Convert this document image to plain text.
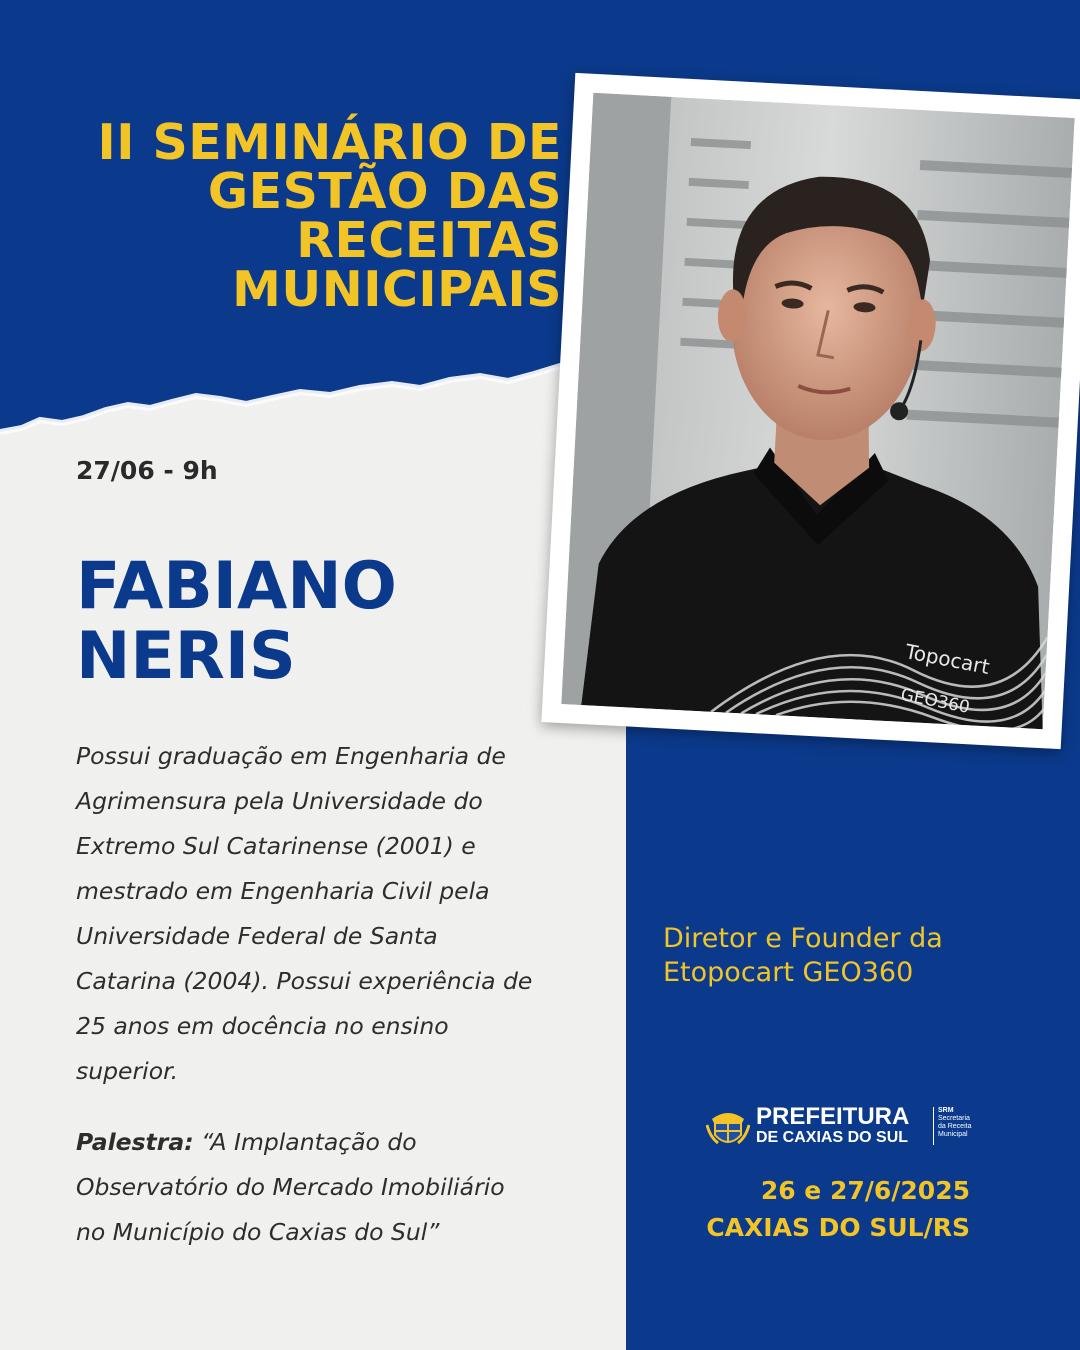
II SEMINÁRIO DE
GESTÃO DAS
RECEITAS
MUNICIPAIS
27/06 - 9h
FABIANO
NERIS
Possui graduação em Engenharia de
Agrimensura pela Universidade do
Extremo Sul Catarinense (2001) e
mestrado em Engenharia Civil pela
Universidade Federal de Santa
Catarina (2004). Possui experiência de
25 anos em docência no ensino
superior.
Palestra: “A Implantação do
Observatório do Mercado Imobiliário
no Município do Caxias do Sul”
Topocart
GEO360
Diretor e Founder da
Etopocart GEO360
PREFEITURA
DE CAXIAS DO SUL
SRM
Secretaria
da Receita
Municipal
26 e 27/6/2025
CAXIAS DO SUL/RS
